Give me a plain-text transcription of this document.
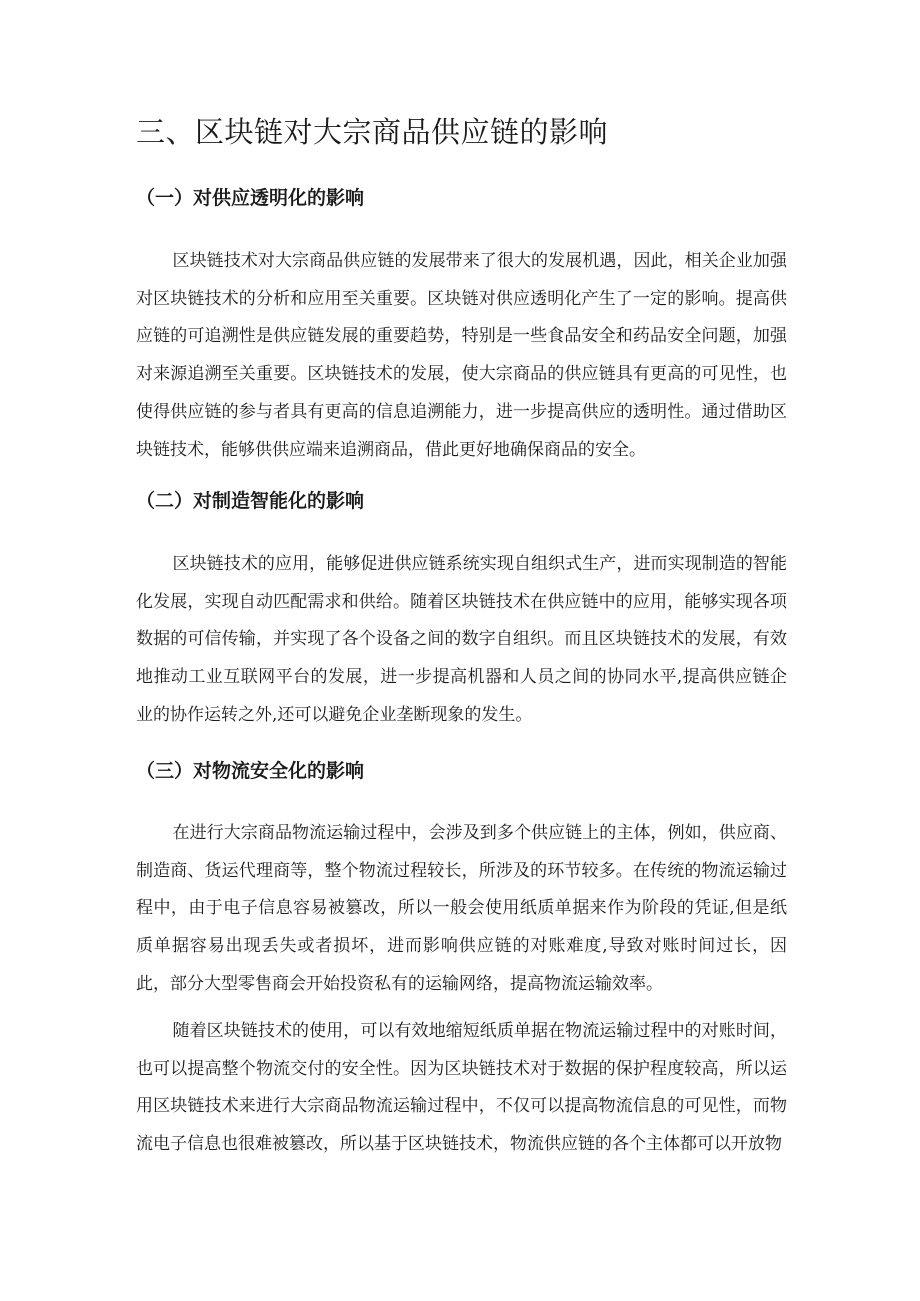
三、区块链对大宗商品供应链的影响
（一）对供应透明化的影响

区块链技术对大宗商品供应链的发展带来了很大的发展机遇，因此，相关企业加强对区块链技术的分析和应用至关重要。区块链对供应透明化产生了一定的影响。提高供应链的可追溯性是供应链发展的重要趋势，特别是一些食品安全和药品安全问题，加强对来源追溯至关重要。区块链技术的发展，使大宗商品的供应链具有更高的可见性，也使得供应链的参与者具有更高的信息追溯能力，进一步提高供应的透明性。通过借助区块链技术，能够供供应端来追溯商品，借此更好地确保商品的安全。

（二）对制造智能化的影响

区块链技术的应用，能够促进供应链系统实现自组织式生产，进而实现制造的智能化发展，实现自动匹配需求和供给。随着区块链技术在供应链中的应用，能够实现各项数据的可信传输，并实现了各个设备之间的数字自组织。而且区块链技术的发展，有效地推动工业互联网平台的发展，进一步提高机器和人员之间的协同水平,提高供应链企业的协作运转之外,还可以避免企业垄断现象的发生。

（三）对物流安全化的影响

在进行大宗商品物流运输过程中，会涉及到多个供应链上的主体，例如，供应商、制造商、货运代理商等，整个物流过程较长，所涉及的环节较多。在传统的物流运输过程中，由于电子信息容易被篡改，所以一般会使用纸质单据来作为阶段的凭证,但是纸质单据容易出现丢失或者损坏，进而影响供应链的对账难度,导致对账时间过长，因此，部分大型零售商会开始投资私有的运输网络，提高物流运输效率。

随着区块链技术的使用，可以有效地缩短纸质单据在物流运输过程中的对账时间，也可以提高整个物流交付的安全性。因为区块链技术对于数据的保护程度较高，所以运用区块链技术来进行大宗商品物流运输过程中，不仅可以提高物流信息的可见性，而物流电子信息也很难被篡改，所以基于区块链技术，物流供应链的各个主体都可以开放物
